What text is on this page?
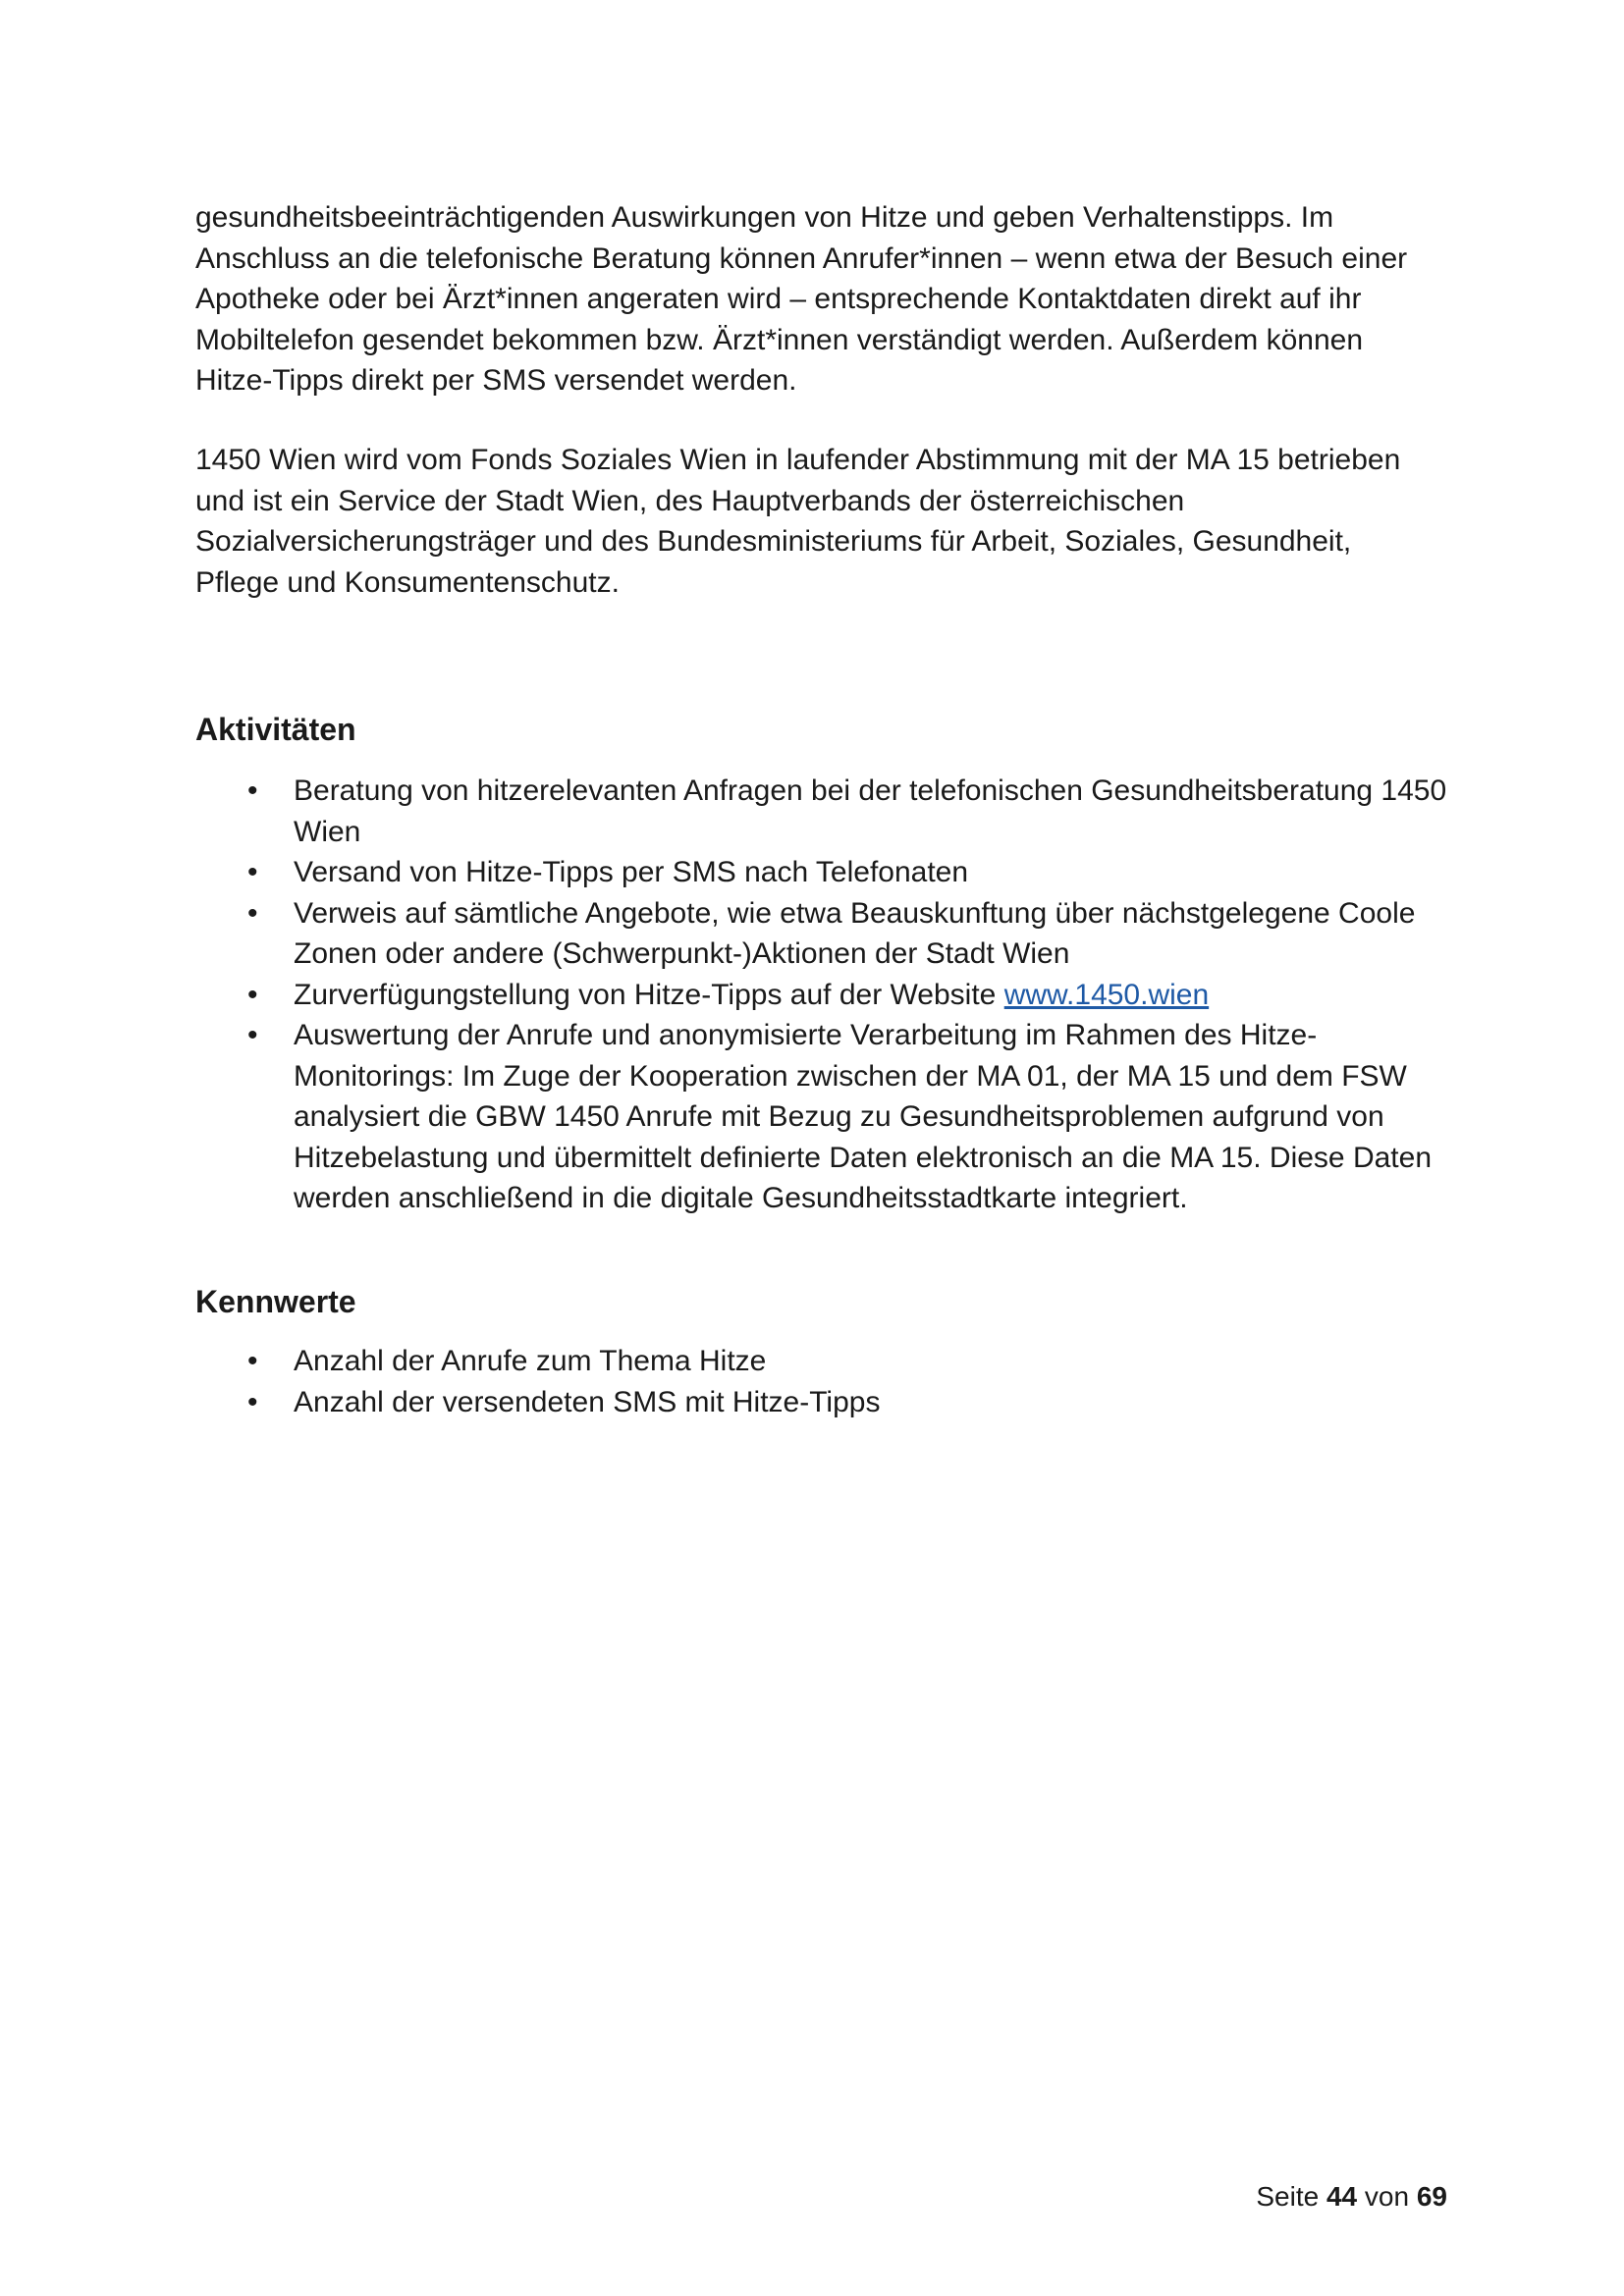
gesundheitsbeeinträchtigenden Auswirkungen von Hitze und geben Verhaltenstipps. Im Anschluss an die telefonische Beratung können Anrufer*innen – wenn etwa der Besuch einer Apotheke oder bei Ärzt*innen angeraten wird – entsprechende Kontaktdaten direkt auf ihr Mobiltelefon gesendet bekommen bzw. Ärzt*innen verständigt werden. Außerdem können Hitze-Tipps direkt per SMS versendet werden.

1450 Wien wird vom Fonds Soziales Wien in laufender Abstimmung mit der MA 15 betrieben und ist ein Service der Stadt Wien, des Hauptverbands der österreichischen Sozialversicherungsträger und des Bundesministeriums für Arbeit, Soziales, Gesundheit, Pflege und Konsumentenschutz.

Aktivitäten
• Beratung von hitzerelevanten Anfragen bei der telefonischen Gesundheitsberatung 1450 Wien
• Versand von Hitze-Tipps per SMS nach Telefonaten
• Verweis auf sämtliche Angebote, wie etwa Beauskunftung über nächstgelegene Coole Zonen oder andere (Schwerpunkt-)Aktionen der Stadt Wien
• Zurverfügungstellung von Hitze-Tipps auf der Website www.1450.wien
• Auswertung der Anrufe und anonymisierte Verarbeitung im Rahmen des Hitze-Monitorings: Im Zuge der Kooperation zwischen der MA 01, der MA 15 und dem FSW analysiert die GBW 1450 Anrufe mit Bezug zu Gesundheitsproblemen aufgrund von Hitzebelastung und übermittelt definierte Daten elektronisch an die MA 15. Diese Daten werden anschließend in die digitale Gesundheitsstadtkarte integriert.
Kennwerte
• Anzahl der Anrufe zum Thema Hitze
• Anzahl der versendeten SMS mit Hitze-Tipps
Seite 44 von 69
